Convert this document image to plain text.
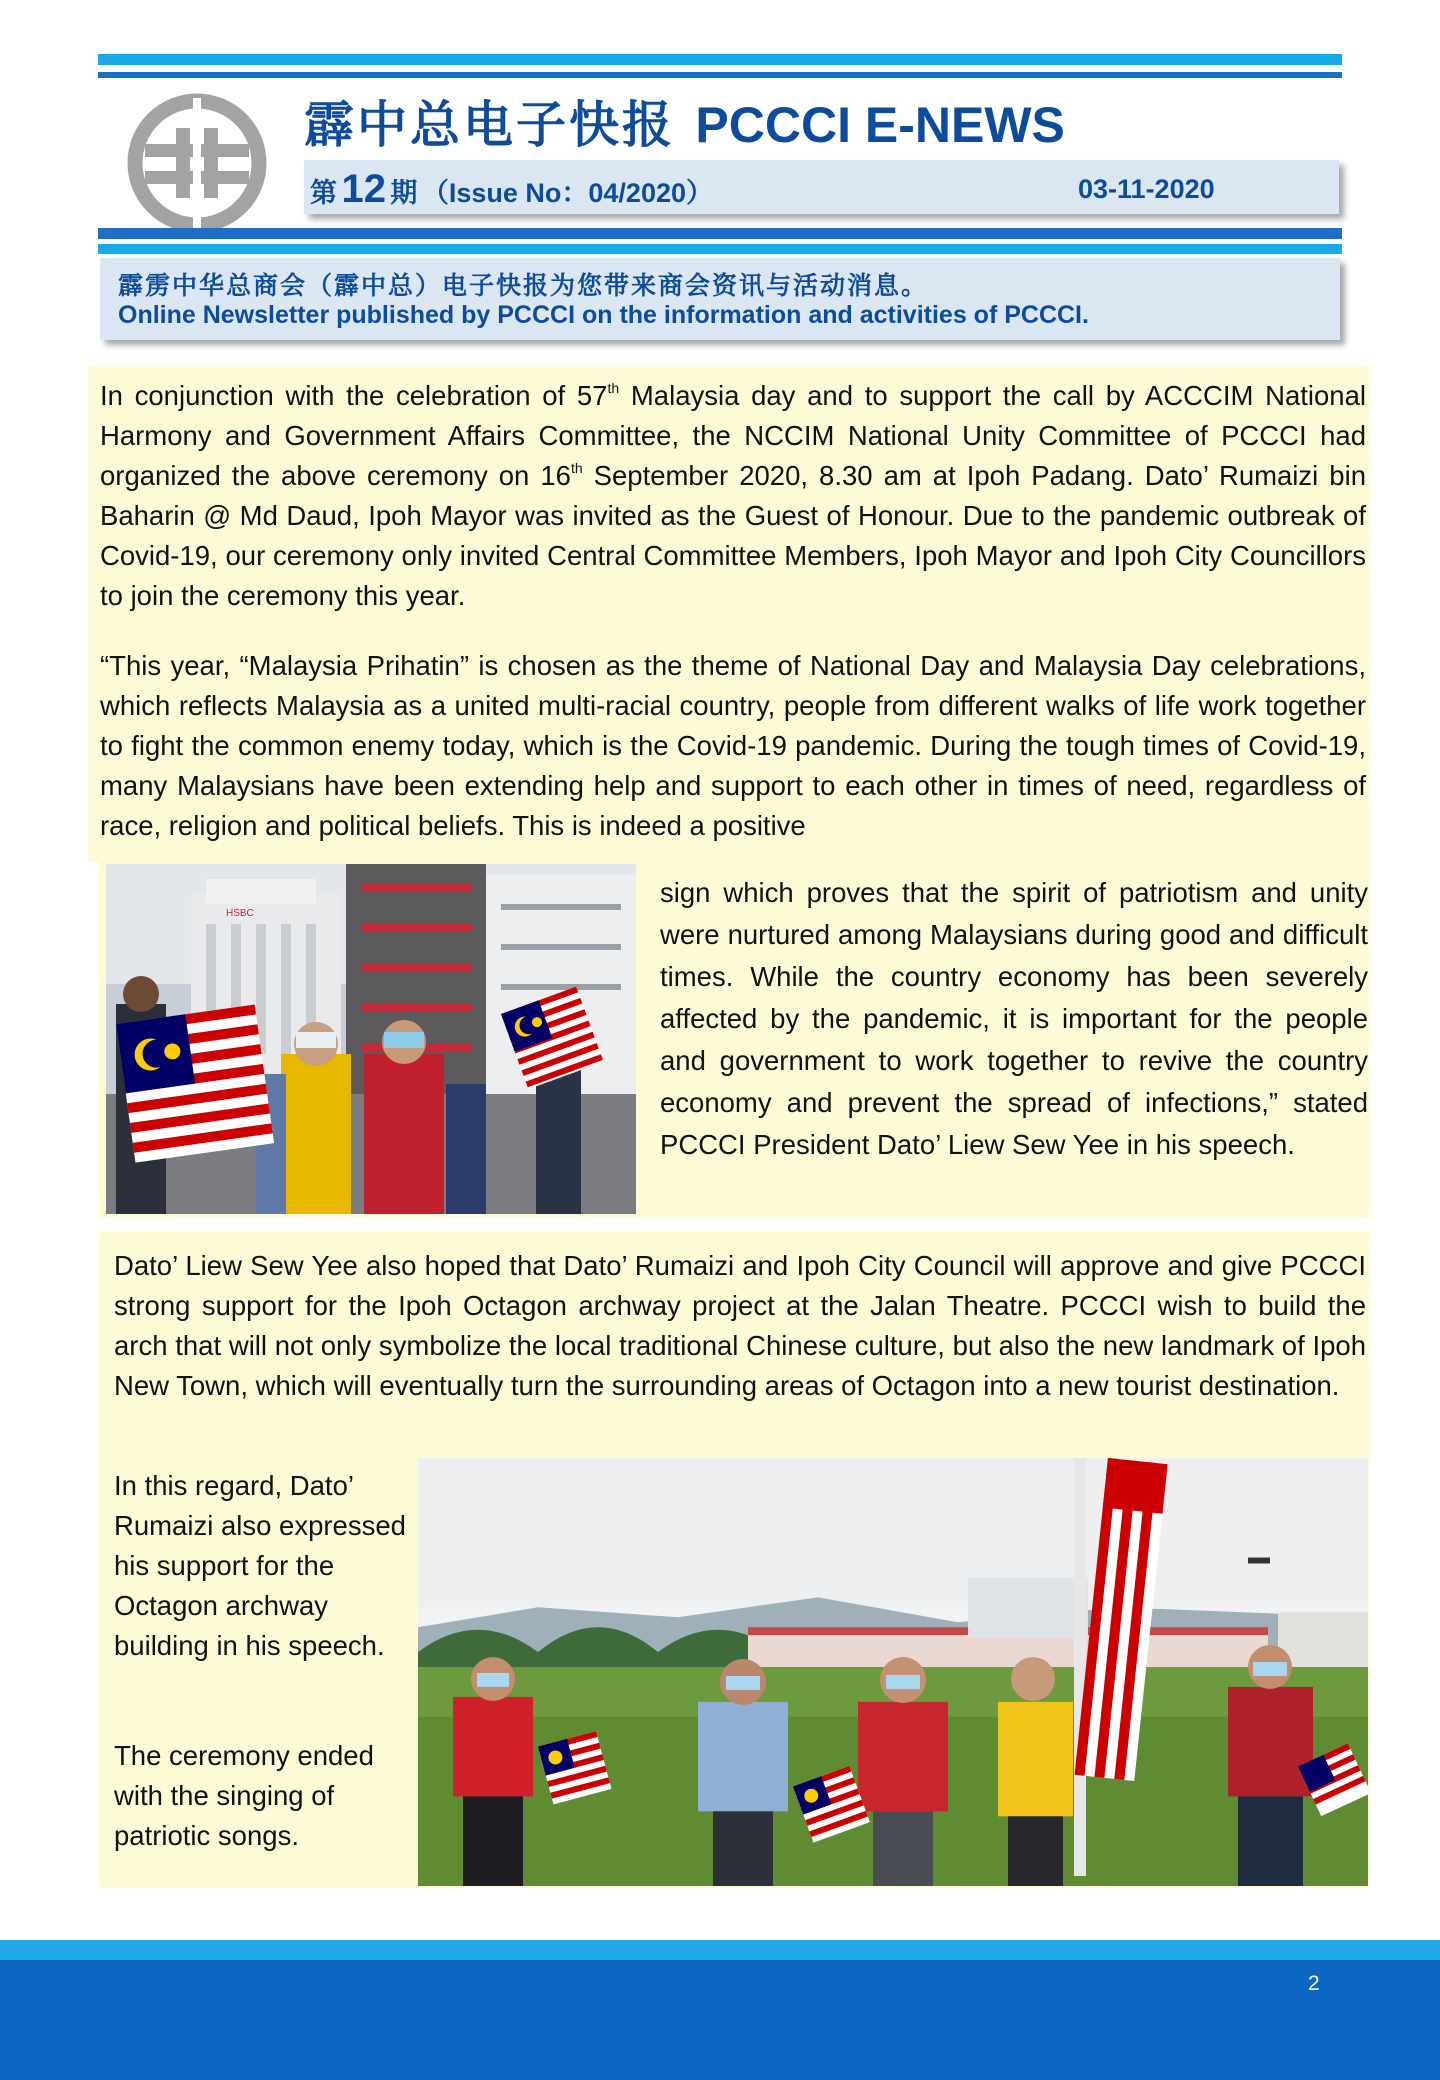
霹中总电子快报 PCCCI E-NEWS
第 12 期 （Issue No：04/2020）	03-11-2020
霹雳中华总商会（霹中总）电子快报为您带来商会资讯与活动消息。
Online Newsletter published by PCCCI on the information and activities of PCCCI.
In conjunction with the celebration of 57th Malaysia day and to support the call by ACCCIM National Harmony and Government Affairs Committee, the NCCIM National Unity Committee of PCCCI had organized the above ceremony on 16th September 2020, 8.30 am at Ipoh Padang. Dato’ Rumaizi bin Baharin @ Md Daud, Ipoh Mayor was invited as the Guest of Honour. Due to the pandemic outbreak of Covid-19, our ceremony only invited Central Committee Members, Ipoh Mayor and Ipoh City Councillors to join the ceremony this year.
“This year, “Malaysia Prihatin” is chosen as the theme of National Day and Malaysia Day celebrations, which reflects Malaysia as a united multi-racial country, people from different walks of life work together to fight the common enemy today, which is the Covid-19 pandemic. During the tough times of Covid-19, many Malaysians have been extending help and support to each other in times of need, regardless of race, religion and political beliefs. This is indeed a positive
HSBC
sign which proves that the spirit of patriotism and unity were nurtured among Malaysians during good and difficult times. While the country economy has been severely affected by the pandemic, it is important for the people and government to work together to revive the country economy and prevent the spread of infections,” stated PCCCI President Dato’ Liew Sew Yee in his speech.
Dato’ Liew Sew Yee also hoped that Dato’ Rumaizi and Ipoh City Council will approve and give PCCCI strong support for the Ipoh Octagon archway project at the Jalan Theatre. PCCCI wish to build the arch that will not only symbolize the local traditional Chinese culture, but also the new landmark of Ipoh New Town, which will eventually turn the surrounding areas of Octagon into a new tourist destination.
In this regard, Dato’ Rumaizi also expressed his support for the Octagon archway building in his speech.
The ceremony ended with the singing of patriotic songs.
2
